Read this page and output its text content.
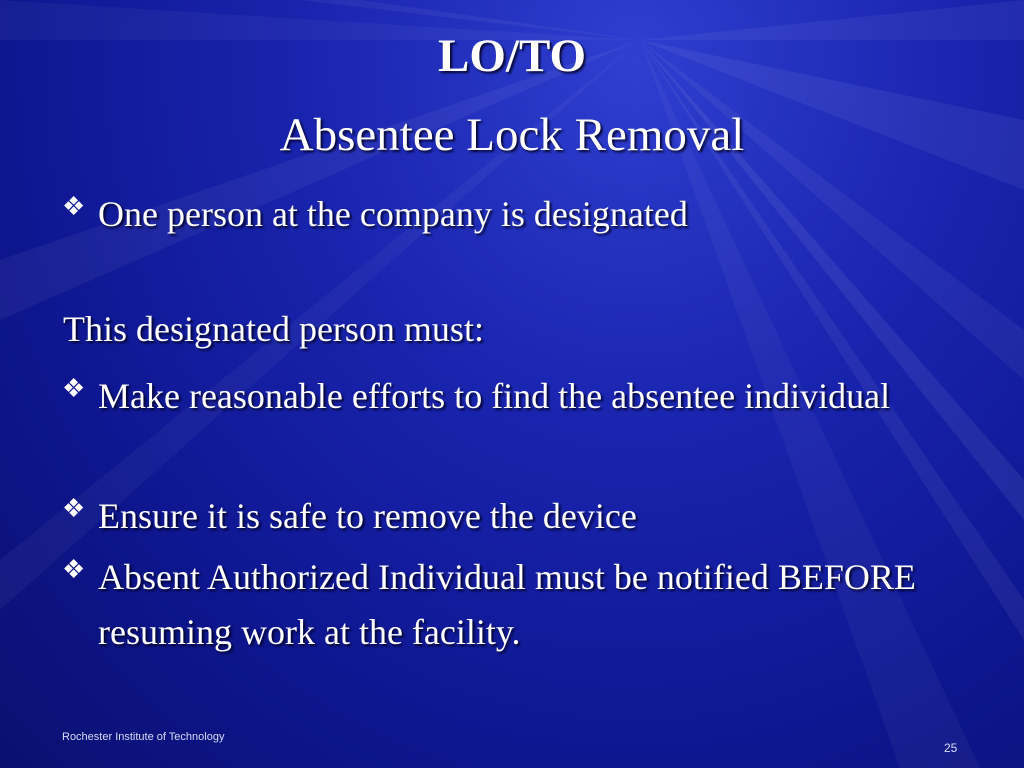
LO/TO
Absentee Lock Removal
❖ One person at the company is designated
This designated person must:
❖ Make reasonable efforts to find the absentee individual
❖ Ensure it is safe to remove the device
❖ Absent Authorized Individual must be notified BEFORE resuming work at the facility.
Rochester Institute of Technology
25
